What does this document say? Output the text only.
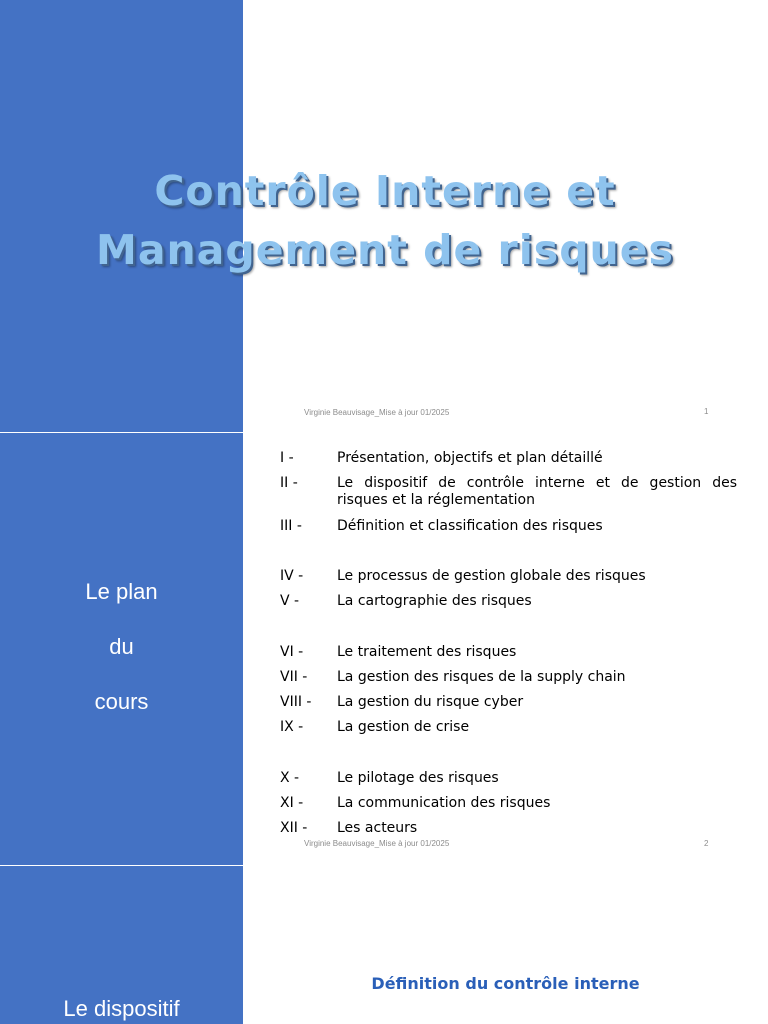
Contrôle Interne et
Management de risques
Virginie Beauvisage_Mise à jour 01/2025	1
Le plan
du
cours
I -	Présentation, objectifs et plan détaillé
II -	Le dispositif de contrôle interne et de gestion des risques et la réglementation
III -	Définition et classification des risques
IV - Le processus de gestion globale des risques
V -	La cartographie des risques
VI - Le traitement des risques
VII - La gestion des risques de la supply chain
VIII - La gestion du risque cyber
IX - La gestion de crise
X -	Le pilotage des risques
XI - La communication des risques
XII - Les acteurs
Virginie Beauvisage_Mise à jour 01/2025	2
Définition du contrôle interne
Le dispositif
